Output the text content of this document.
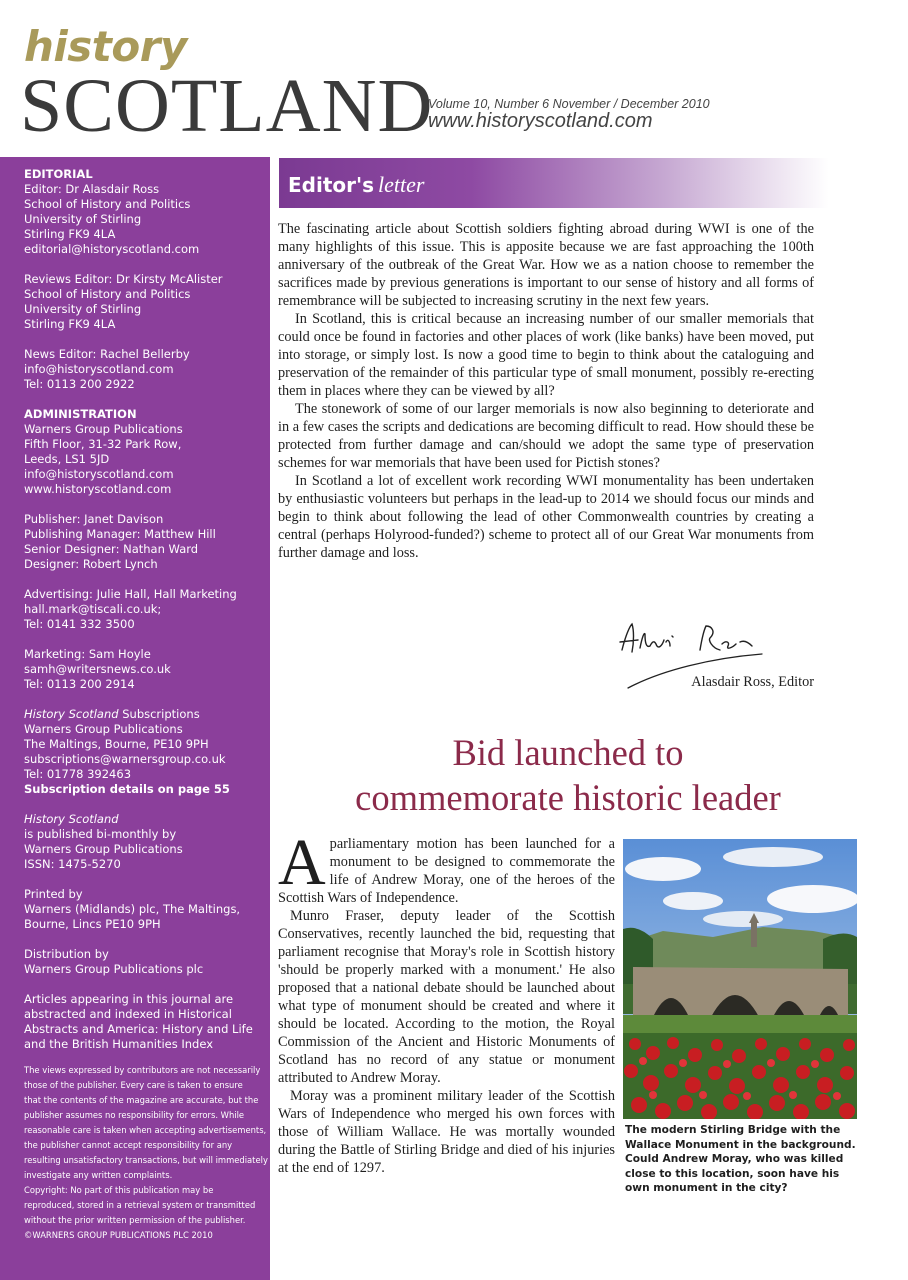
history
SCOTLAND
Volume 10, Number 6 November / December 2010
www.historyscotland.com
EDITORIAL
Editor: Dr Alasdair Ross
School of History and Politics
University of Stirling
Stirling FK9 4LA
editorial@historyscotland.com
Reviews Editor: Dr Kirsty McAlister
School of History and Politics
University of Stirling
Stirling FK9 4LA
News Editor: Rachel Bellerby
info@historyscotland.com
Tel: 0113 200 2922
ADMINISTRATION
Warners Group Publications
Fifth Floor, 31-32 Park Row,
Leeds, LS1 5JD
info@historyscotland.com
www.historyscotland.com
Publisher: Janet Davison
Publishing Manager: Matthew Hill
Senior Designer: Nathan Ward
Designer: Robert Lynch
Advertising: Julie Hall, Hall Marketing
hall.mark@tiscali.co.uk;
Tel: 0141 332 3500
Marketing: Sam Hoyle
samh@writersnews.co.uk
Tel: 0113 200 2914
History Scotland Subscriptions
Warners Group Publications
The Maltings, Bourne, PE10 9PH
subscriptions@warnersgroup.co.uk
Tel: 01778 392463
Subscription details on page 55
History Scotland
is published bi-monthly by
Warners Group Publications
ISSN: 1475-5270
Printed by
Warners (Midlands) plc, The Maltings,
Bourne, Lincs PE10 9PH
Distribution by
Warners Group Publications plc
Articles appearing in this journal are
abstracted and indexed in Historical
Abstracts and America: History and Life
and the British Humanities Index
The views expressed by contributors are not necessarily
those of the publisher. Every care is taken to ensure
that the contents of the magazine are accurate, but the
publisher assumes no responsibility for errors. While
reasonable care is taken when accepting advertisements,
the publisher cannot accept responsibility for any
resulting unsatisfactory transactions, but will immediately
investigate any written complaints.
Copyright: No part of this publication may be
reproduced, stored in a retrieval system or transmitted
without the prior written permission of the publisher.
©WARNERS GROUP PUBLICATIONS PLC 2010
Editor's letter

The fascinating article about Scottish soldiers fighting abroad during WWI is one of the many highlights of this issue. This is apposite because we are fast approaching the 100th anniversary of the outbreak of the Great War. How we as a nation choose to remember the sacrifices made by previous generations is important to our sense of history and all forms of remembrance will be subjected to increasing scrutiny in the next few years.

In Scotland, this is critical because an increasing number of our smaller memorials that could once be found in factories and other places of work (like banks) have been moved, put into storage, or simply lost. Is now a good time to begin to think about the cataloguing and preservation of the remainder of this particular type of small monument, possibly re-erecting them in places where they can be viewed by all?

The stonework of some of our larger memorials is now also beginning to deteriorate and in a few cases the scripts and dedications are becoming difficult to read. How should these be protected from further damage and can/should we adopt the same type of preservation schemes for war memorials that have been used for Pictish stones?

In Scotland a lot of excellent work recording WWI monumentality has been undertaken by enthusiastic volunteers but perhaps in the lead-up to 2014 we should focus our minds and begin to think about following the lead of other Commonwealth countries by creating a central (perhaps Holyrood-funded?) scheme to protect all of our Great War monuments from further damage and loss.

Alasdair Ross, Editor
Bid launched to
commemorate historic leader

Aparliamentary motion has been launched for a monument to be designed to commemorate the life of Andrew Moray, one of the heroes of the Scottish Wars of Independence.

Munro Fraser, deputy leader of the Scottish Conservatives, recently launched the bid, requesting that parliament recognise that Moray's role in Scottish history 'should be properly marked with a monument.' He also proposed that a national debate should be launched about what type of monument should be created and where it should be located. According to the motion, the Royal Commission of the Ancient and Historic Monuments of Scotland has no record of any statue or monument attributed to Andrew Moray.

Moray was a prominent military leader of the Scottish Wars of Independence who merged his own forces with those of William Wallace. He was mortally wounded during the Battle of Stirling Bridge and died of his injuries at the end of 1297.

The modern Stirling Bridge with the Wallace Monument in the background. Could Andrew Moray, who was killed close to this location, soon have his own monument in the city?
